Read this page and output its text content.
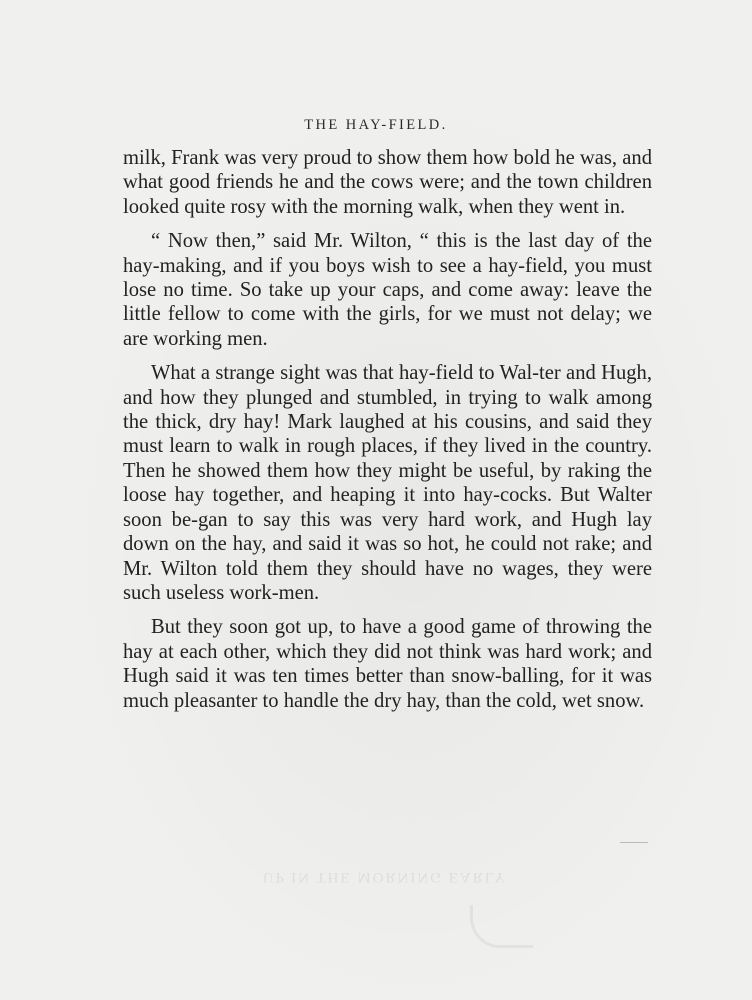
UP IN THE MORNING EARLY
THE HAY-FIELD.

milk, Frank was very proud to show them how bold he was, and what good friends he and the cows were; and the town children looked quite rosy with the morning walk, when they went in.

“ Now then,” said Mr. Wilton, “ this is the last day of the hay-making, and if you boys wish to see a hay-field, you must lose no time. So take up your caps, and come away: leave the little fellow to come with the girls, for we must not delay; we are working men.

What a strange sight was that hay-field to Wal-ter and Hugh, and how they plunged and stumbled, in trying to walk among the thick, dry hay! Mark laughed at his cousins, and said they must learn to walk in rough places, if they lived in the country. Then he showed them how they might be useful, by raking the loose hay together, and heaping it into hay-cocks. But Walter soon be-gan to say this was very hard work, and Hugh lay down on the hay, and said it was so hot, he could not rake; and Mr. Wilton told them they should have no wages, they were such useless work-men.

But they soon got up, to have a good game of throwing the hay at each other, which they did not think was hard work; and Hugh said it was ten times better than snow-balling, for it was much pleasanter to handle the dry hay, than the cold, wet snow.
